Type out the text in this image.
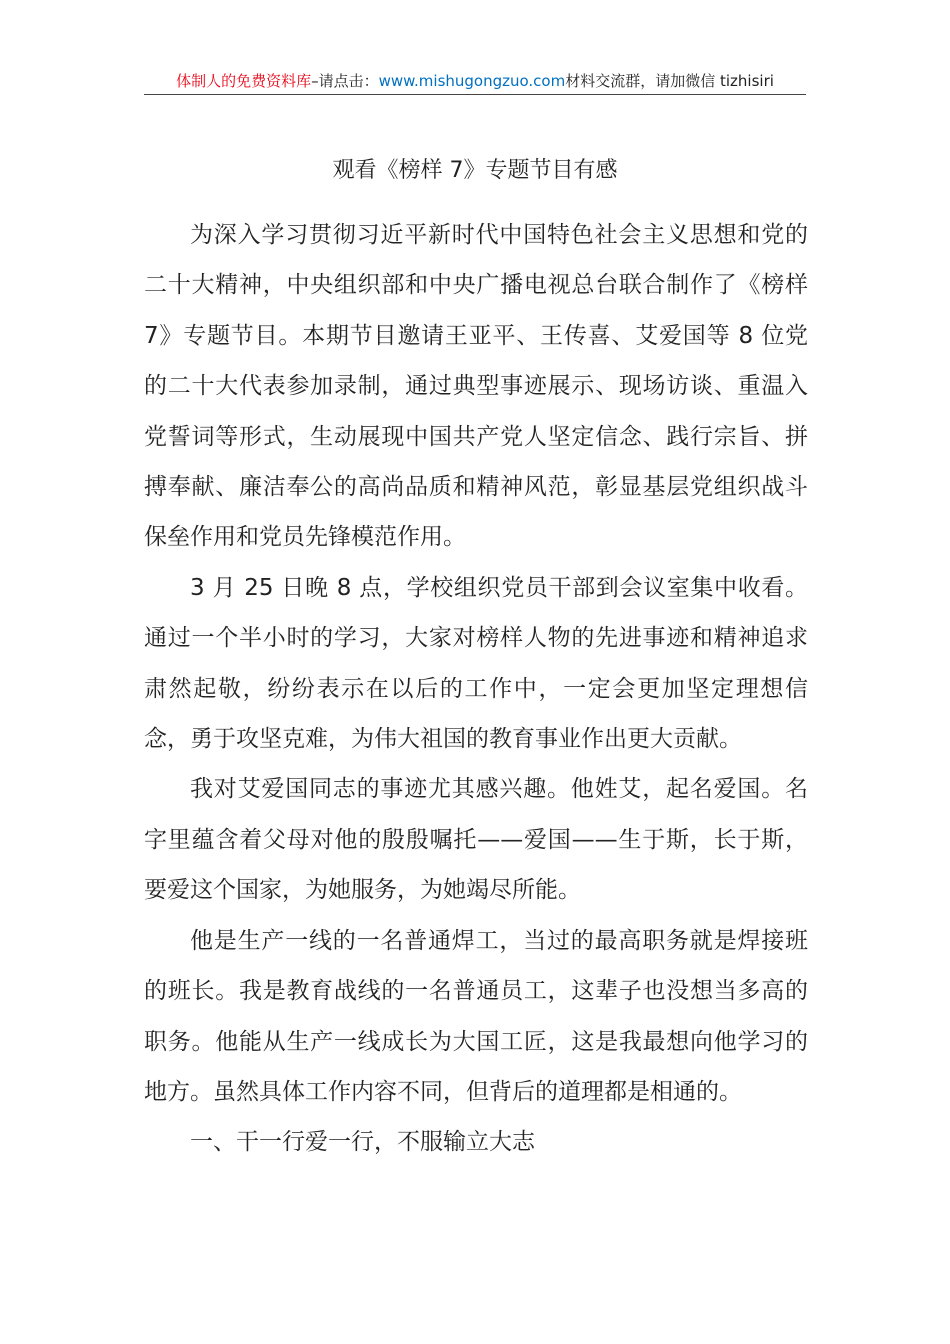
体制人的免费资料库–请点击：www.mishugongzuo.com材料交流群，请加微信 tizhisiri
观看《榜样 7》专题节目有感

为深入学习贯彻习近平新时代中国特色社会主义思想和党的二十大精神，中央组织部和中央广播电视总台联合制作了《榜样 7》专题节目。本期节目邀请王亚平、王传喜、艾爱国等 8 位党的二十大代表参加录制，通过典型事迹展示、现场访谈、重温入党誓词等形式，生动展现中国共产党人坚定信念、践行宗旨、拼搏奉献、廉洁奉公的高尚品质和精神风范，彰显基层党组织战斗保垒作用和党员先锋模范作用。

3 月 25 日晚 8 点，学校组织党员干部到会议室集中收看。通过一个半小时的学习，大家对榜样人物的先进事迹和精神追求肃然起敬，纷纷表示在以后的工作中，一定会更加坚定理想信念，勇于攻坚克难，为伟大祖国的教育事业作出更大贡献。

我对艾爱国同志的事迹尤其感兴趣。他姓艾，起名爱国。名字里蕴含着父母对他的殷殷嘱托——爱国——生于斯，长于斯，要爱这个国家，为她服务，为她竭尽所能。

他是生产一线的一名普通焊工，当过的最高职务就是焊接班的班长。我是教育战线的一名普通员工，这辈子也没想当多高的职务。他能从生产一线成长为大国工匠，这是我最想向他学习的地方。虽然具体工作内容不同，但背后的道理都是相通的。

一、干一行爱一行，不服输立大志
